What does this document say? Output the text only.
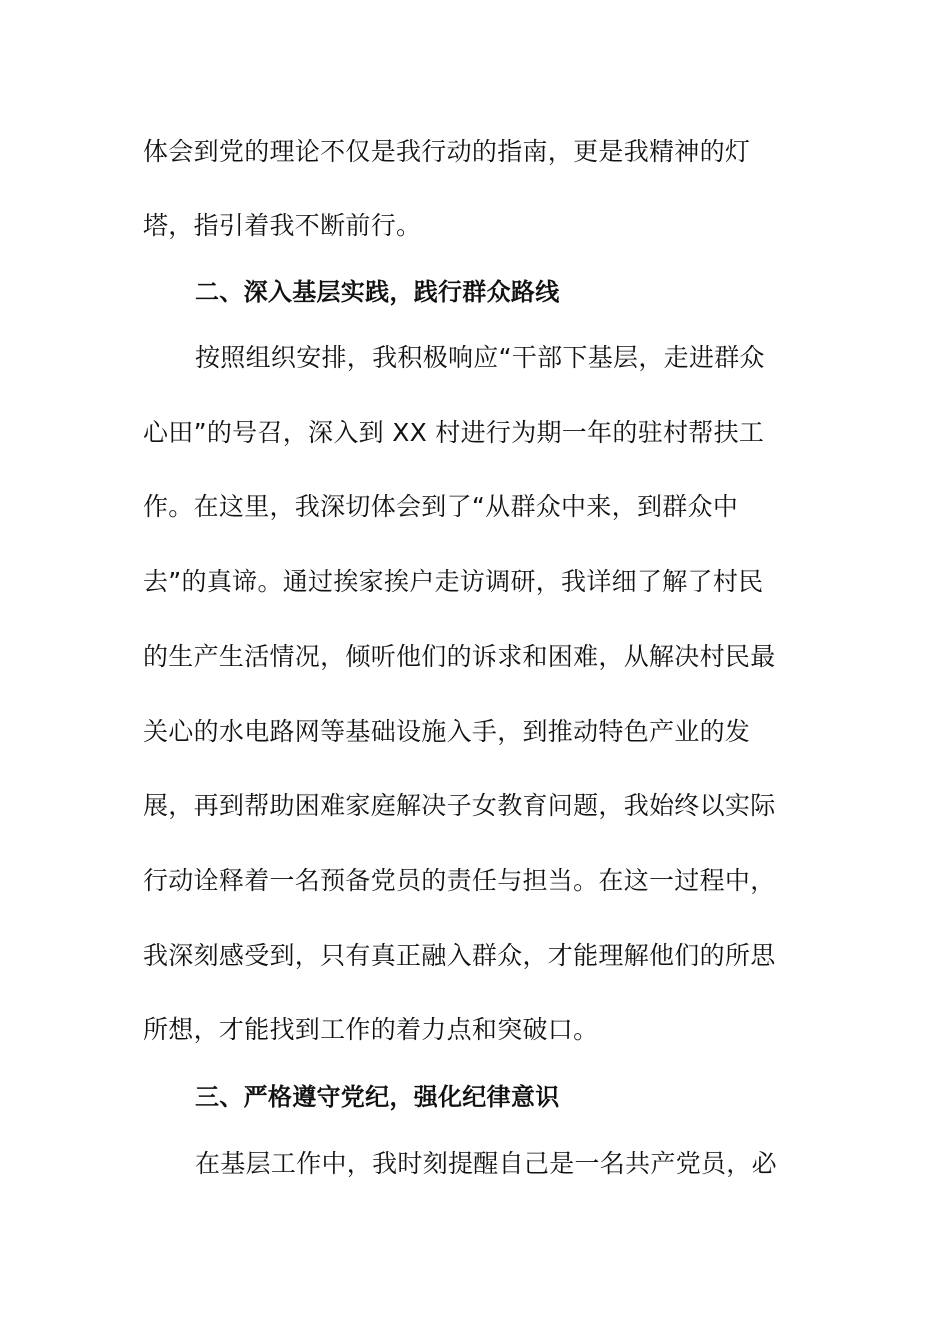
体会到党的理论不仅是我行动的指南，更是我精神的灯
塔，指引着我不断前行。
二、深入基层实践，践行群众路线
按照组织安排，我积极响应“干部下基层，走进群众
心田”的号召，深入到 XX 村进行为期一年的驻村帮扶工
作。在这里，我深切体会到了“从群众中来，到群众中
去”的真谛。通过挨家挨户走访调研，我详细了解了村民
的生产生活情况，倾听他们的诉求和困难，从解决村民最
关心的水电路网等基础设施入手，到推动特色产业的发
展，再到帮助困难家庭解决子女教育问题，我始终以实际
行动诠释着一名预备党员的责任与担当。在这一过程中，
我深刻感受到，只有真正融入群众，才能理解他们的所思
所想，才能找到工作的着力点和突破口。
三、严格遵守党纪，强化纪律意识
在基层工作中，我时刻提醒自己是一名共产党员，必
